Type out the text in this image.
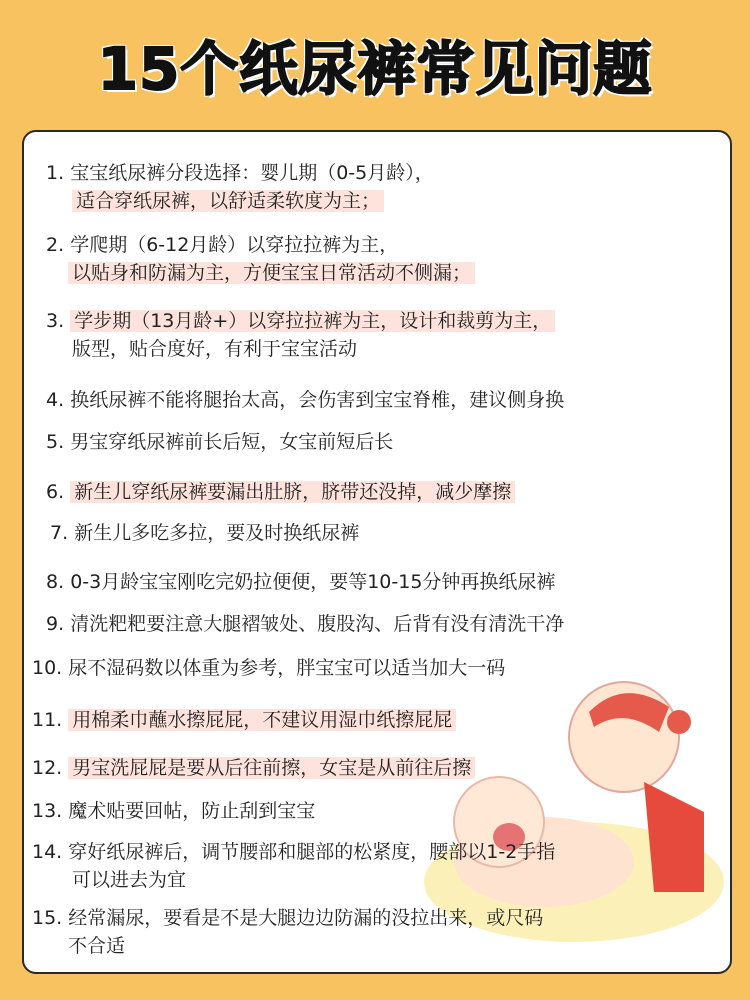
15个纸尿裤常见问题
1. 宝宝纸尿裤分段选择：婴儿期（0-5月龄），
适合穿纸尿裤，以舒适柔软度为主；
2. 学爬期（6-12月龄）以穿拉拉裤为主，
以贴身和防漏为主，方便宝宝日常活动不侧漏；
3. 学步期（13月龄+）以穿拉拉裤为主，设计和裁剪为主，
版型，贴合度好，有利于宝宝活动
4. 换纸尿裤不能将腿抬太高，会伤害到宝宝脊椎，建议侧身换
5. 男宝穿纸尿裤前长后短，女宝前短后长
6. 新生儿穿纸尿裤要漏出肚脐，脐带还没掉，减少摩擦
7. 新生儿多吃多拉，要及时换纸尿裤
8. 0-3月龄宝宝刚吃完奶拉便便，要等10-15分钟再换纸尿裤
9. 清洗粑粑要注意大腿褶皱处、腹股沟、后背有没有清洗干净
10. 尿不湿码数以体重为参考，胖宝宝可以适当加大一码
11. 用棉柔巾蘸水擦屁屁，不建议用湿巾纸擦屁屁
12. 男宝洗屁屁是要从后往前擦，女宝是从前往后擦
13. 魔术贴要回帖，防止刮到宝宝
14. 穿好纸尿裤后，调节腰部和腿部的松紧度，腰部以1-2手指
可以进去为宜
15. 经常漏尿，要看是不是大腿边边防漏的没拉出来，或尺码
不合适
